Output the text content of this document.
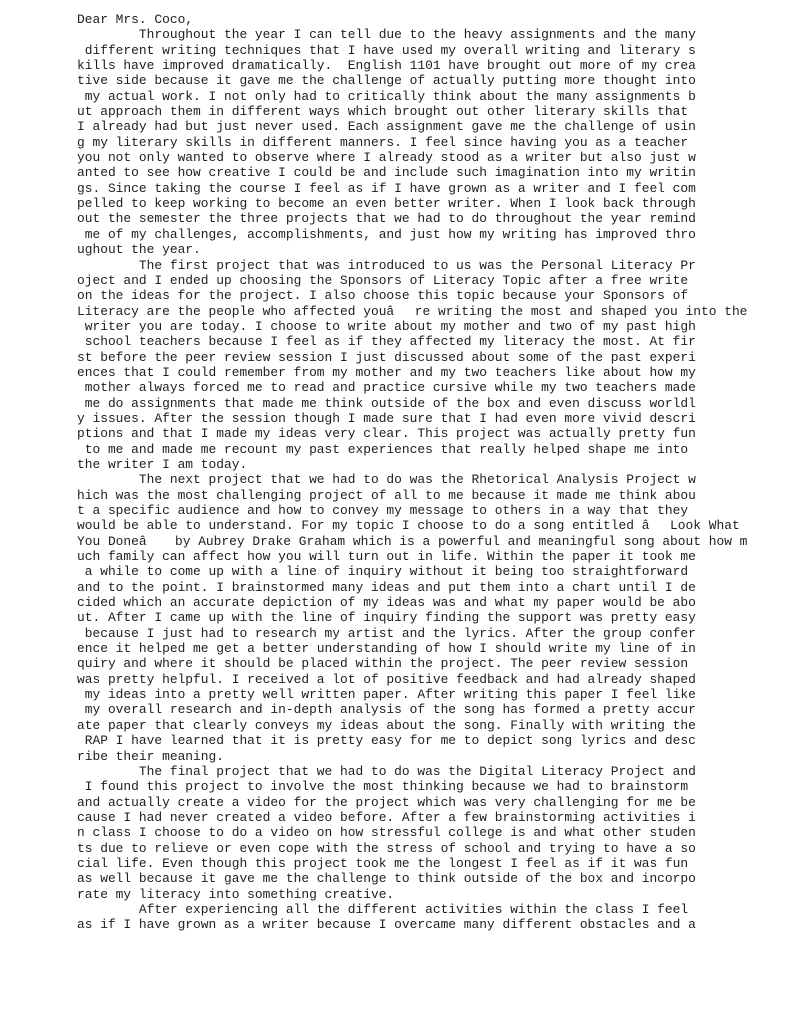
Dear Mrs. Coco,
Throughout the year I can tell due to the heavy assignments and the many
different writing techniques that I have used my overall writing and literary s
kills have improved dramatically.  English 1101 have brought out more of my crea
tive side because it gave me the challenge of actually putting more thought into
my actual work. I not only had to critically think about the many assignments b
ut approach them in different ways which brought out other literary skills that
I already had but just never used. Each assignment gave me the challenge of usin
g my literary skills in different manners. I feel since having you as a teacher
you not only wanted to observe where I already stood as a writer but also just w
anted to see how creative I could be and include such imagination into my writin
gs. Since taking the course I feel as if I have grown as a writer and I feel com
pelled to keep working to become an even better writer. When I look back through
out the semester the three projects that we had to do throughout the year remind
me of my challenges, accomplishments, and just how my writing has improved thro
ughout the year.
The first project that was introduced to us was the Personal Literacy Pr
oject and I ended up choosing the Sponsors of Literacy Topic after a free write
on the ideas for the project. I also choose this topic because your Sponsors of
Literacy are the people who affected youâre writing the most and shaped you into the
writer you are today. I choose to write about my mother and two of my past high
school teachers because I feel as if they affected my literacy the most. At fir
st before the peer review session I just discussed about some of the past experi
ences that I could remember from my mother and my two teachers like about how my
mother always forced me to read and practice cursive while my two teachers made
me do assignments that made me think outside of the box and even discuss worldl
y issues. After the session though I made sure that I had even more vivid descri
ptions and that I made my ideas very clear. This project was actually pretty fun
to me and made me recount my past experiences that really helped shape me into
the writer I am today.
The next project that we had to do was the Rhetorical Analysis Project w
hich was the most challenging project of all to me because it made me think abou
t a specific audience and how to convey my message to others in a way that they
would be able to understand. For my topic I choose to do a song entitled âLook What
You Doneâ by Aubrey Drake Graham which is a powerful and meaningful song about how m
uch family can affect how you will turn out in life. Within the paper it took me
a while to come up with a line of inquiry without it being too straightforward
and to the point. I brainstormed many ideas and put them into a chart until I de
cided which an accurate depiction of my ideas was and what my paper would be abo
ut. After I came up with the line of inquiry finding the support was pretty easy
because I just had to research my artist and the lyrics. After the group confer
ence it helped me get a better understanding of how I should write my line of in
quiry and where it should be placed within the project. The peer review session
was pretty helpful. I received a lot of positive feedback and had already shaped
my ideas into a pretty well written paper. After writing this paper I feel like
my overall research and in-depth analysis of the song has formed a pretty accur
ate paper that clearly conveys my ideas about the song. Finally with writing the
RAP I have learned that it is pretty easy for me to depict song lyrics and desc
ribe their meaning.
The final project that we had to do was the Digital Literacy Project and
I found this project to involve the most thinking because we had to brainstorm
and actually create a video for the project which was very challenging for me be
cause I had never created a video before. After a few brainstorming activities i
n class I choose to do a video on how stressful college is and what other studen
ts due to relieve or even cope with the stress of school and trying to have a so
cial life. Even though this project took me the longest I feel as if it was fun
as well because it gave me the challenge to think outside of the box and incorpo
rate my literacy into something creative.
After experiencing all the different activities within the class I feel
as if I have grown as a writer because I overcame many different obstacles and a
